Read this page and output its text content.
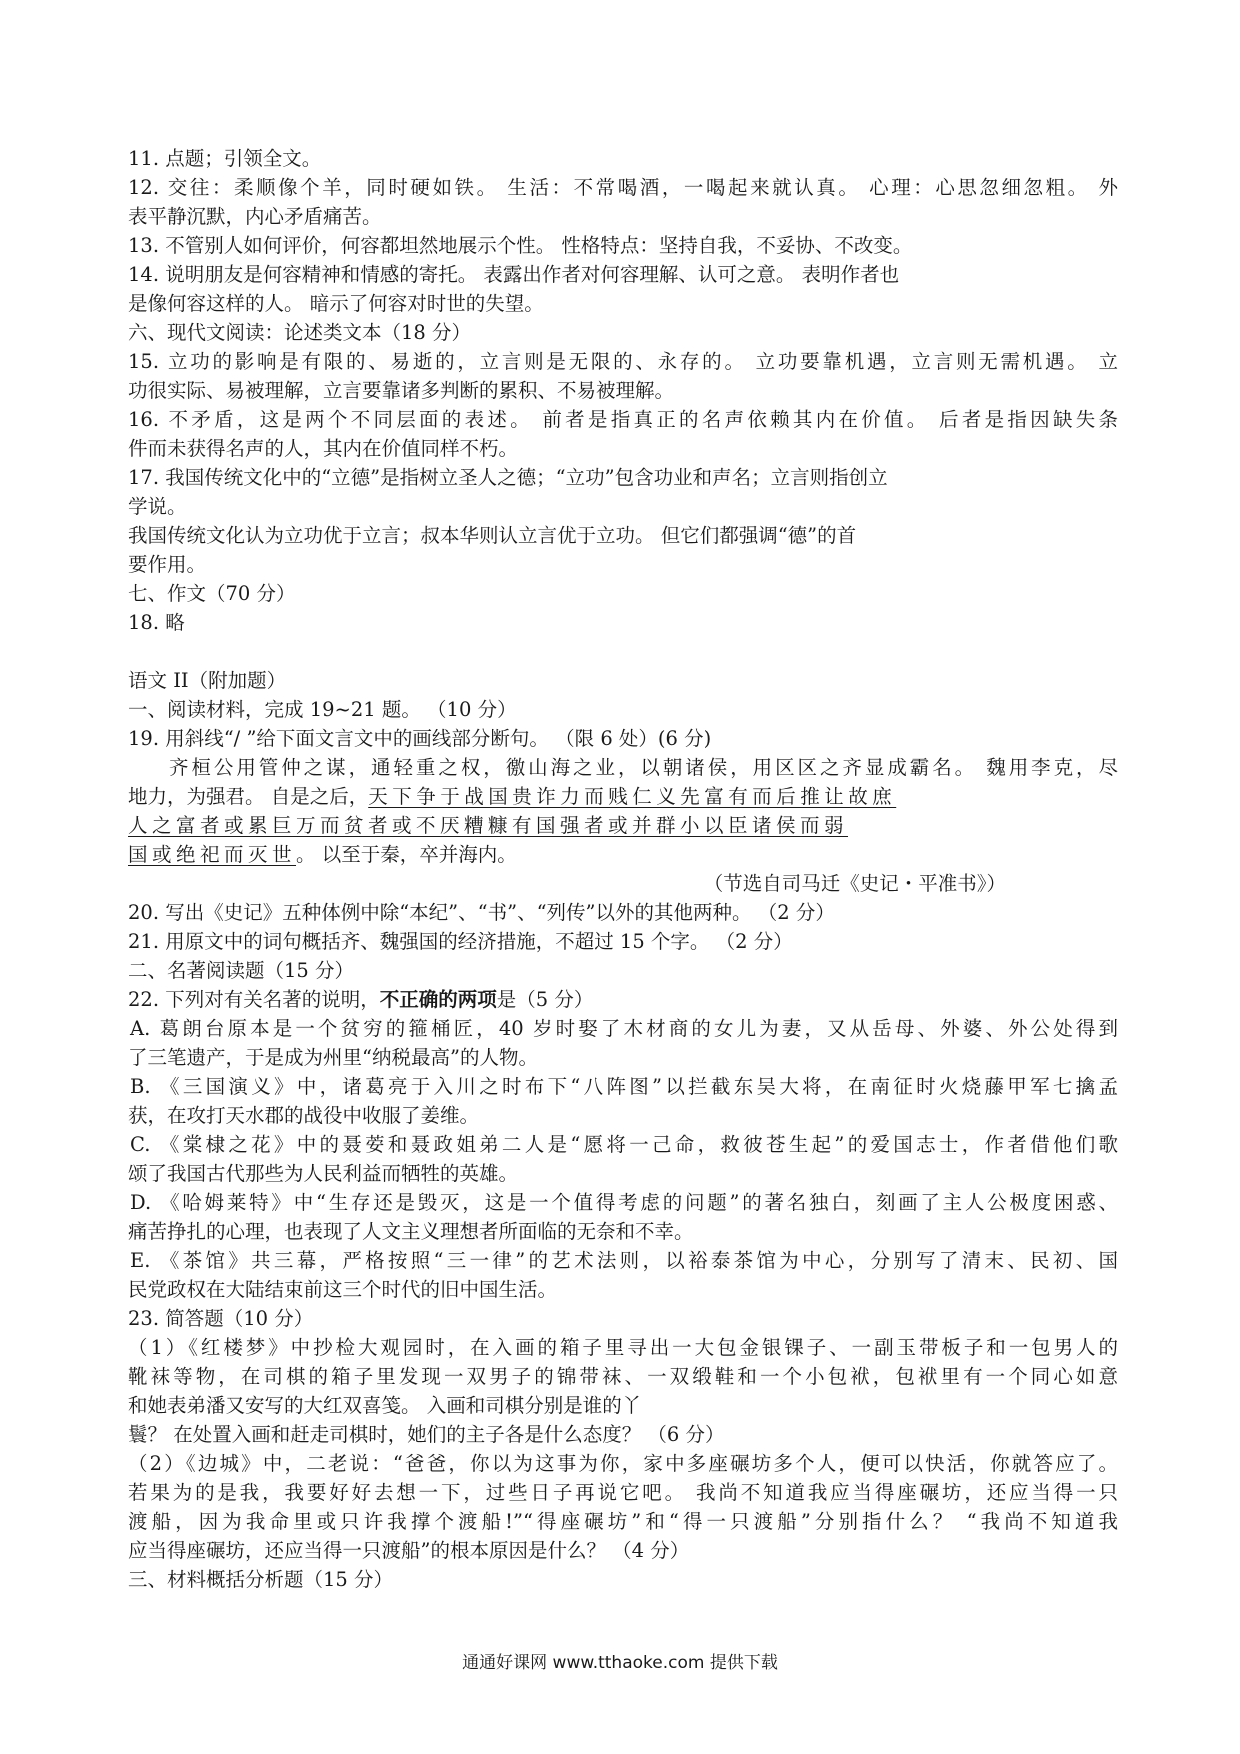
11. 点题；引领全文。
12. 交往：柔顺像个羊，同时硬如铁。 生活：不常喝酒，一喝起来就认真。 心理：心思忽细忽粗。 外
表平静沉默，内心矛盾痛苦。
13. 不管别人如何评价，何容都坦然地展示个性。 性格特点：坚持自我，不妥协、不改变。
14. 说明朋友是何容精神和情感的寄托。 表露出作者对何容理解、认可之意。 表明作者也
是像何容这样的人。 暗示了何容对时世的失望。
六、现代文阅读：论述类文本（18 分）
15. 立功的影响是有限的、易逝的，立言则是无限的、永存的。 立功要靠机遇，立言则无需机遇。 立
功很实际、易被理解，立言要靠诸多判断的累积、不易被理解。
16. 不矛盾，这是两个不同层面的表述。 前者是指真正的名声依赖其内在价值。 后者是指因缺失条
件而未获得名声的人，其内在价值同样不朽。
17. 我国传统文化中的“立德”是指树立圣人之德；“立功”包含功业和声名；立言则指创立
学说。
我国传统文化认为立功优于立言；叔本华则认立言优于立功。 但它们都强调“德”的首
要作用。
七、作文（70 分）
18. 略
语文 II（附加题）
一、阅读材料，完成 19~21 题。 （10 分）
19. 用斜线“/ ”给下面文言文中的画线部分断句。 （限 6 处）(6 分)
齐桓公用管仲之谋，通轻重之权，徼山海之业，以朝诸侯，用区区之齐显成霸名。 魏用李克，尽
地力，为强君。 自是之后，天下争于战国贵诈力而贱仁义先富有而后推让故庶
人之富者或累巨万而贫者或不厌糟糠有国强者或并群小以臣诸侯而弱
国或绝祀而灭世。 以至于秦，卒并海内。
（节选自司马迁《史记・平准书》）
20. 写出《史记》五种体例中除“本纪”、“书”、“列传”以外的其他两种。 （2 分）
21. 用原文中的词句概括齐、魏强国的经济措施，不超过 15 个字。 （2 分）
二、名著阅读题（15 分）
22. 下列对有关名著的说明，不正确的两项是（5 分）
A. 葛朗台原本是一个贫穷的箍桶匠，40 岁时娶了木材商的女儿为妻，又从岳母、外婆、外公处得到
了三笔遗产，于是成为州里“纳税最高”的人物。
B. 《三国演义》中，诸葛亮于入川之时布下“八阵图”以拦截东吴大将，在南征时火烧藤甲军七擒孟
获，在攻打天水郡的战役中收服了姜维。
C. 《棠棣之花》中的聂荌和聂政姐弟二人是“愿将一己命，救彼苍生起”的爱国志士，作者借他们歌
颂了我国古代那些为人民利益而牺牲的英雄。
D. 《哈姆莱特》中“生存还是毁灭，这是一个值得考虑的问题”的著名独白，刻画了主人公极度困惑、
痛苦挣扎的心理，也表现了人文主义理想者所面临的无奈和不幸。
E. 《茶馆》共三幕，严格按照“三一律”的艺术法则，以裕泰茶馆为中心，分别写了清末、民初、国
民党政权在大陆结束前这三个时代的旧中国生活。
23. 简答题（10 分）
（1）《红楼梦》中抄检大观园时，在入画的箱子里寻出一大包金银锞子、一副玉带板子和一包男人的
靴袜等物，在司棋的箱子里发现一双男子的锦带袜、一双缎鞋和一个小包袱，包袱里有一个同心如意
和她表弟潘又安写的大红双喜笺。 入画和司棋分别是谁的丫
鬟？ 在处置入画和赶走司棋时，她们的主子各是什么态度？ （6 分）
（2）《边城》中，二老说：“爸爸，你以为这事为你，家中多座碾坊多个人，便可以快活，你就答应了。
若果为的是我，我要好好去想一下，过些日子再说它吧。 我尚不知道我应当得座碾坊，还应当得一只
渡船，因为我命里或只许我撑个渡船!”“得座碾坊”和“得一只渡船”分别指什么？ “我尚不知道我
应当得座碾坊，还应当得一只渡船”的根本原因是什么？ （4 分）
三、材料概括分析题（15 分）
通通好课网 www.tthaoke.com 提供下载
